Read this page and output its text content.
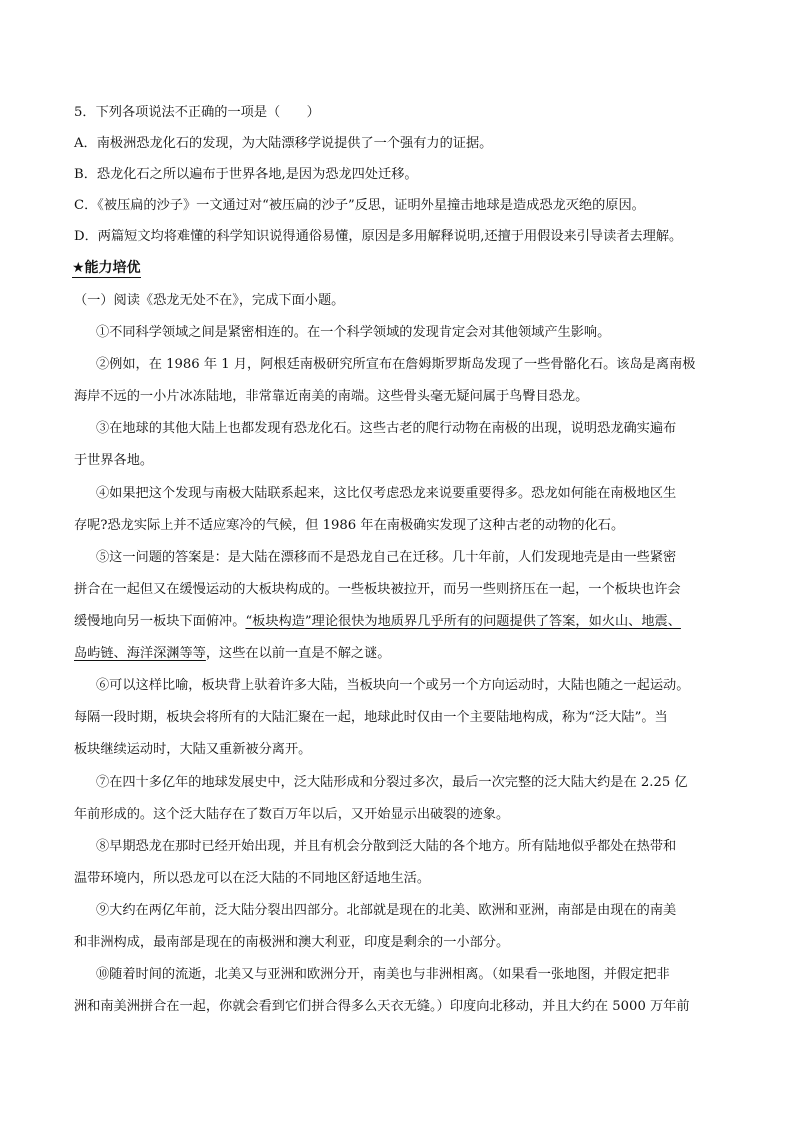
5．下列各项说法不正确的一项是（　　）
A．南极洲恐龙化石的发现，为大陆漂移学说提供了一个强有力的证据。
B．恐龙化石之所以遍布于世界各地,是因为恐龙四处迁移。
C．《被压扁的沙子》一文通过对“被压扁的沙子”反思，证明外星撞击地球是造成恐龙灭绝的原因。
D．两篇短文均将难懂的科学知识说得通俗易懂，原因是多用解释说明,还擅于用假设来引导读者去理解。
★能力培优
（一）阅读《恐龙无处不在》，完成下面小题。
①不同科学领域之间是紧密相连的。在一个科学领域的发现肯定会对其他领域产生影响。
②例如，在 1986 年 1 月，阿根廷南极研究所宣布在詹姆斯罗斯岛发现了一些骨骼化石。该岛是离南极
海岸不远的一小片冰冻陆地，非常靠近南美的南端。这些骨头毫无疑问属于鸟臀目恐龙。
③在地球的其他大陆上也都发现有恐龙化石。这些古老的爬行动物在南极的出现，说明恐龙确实遍布
于世界各地。
④如果把这个发现与南极大陆联系起来，这比仅考虑恐龙来说要重要得多。恐龙如何能在南极地区生
存呢?恐龙实际上并不适应寒冷的气候，但 1986 年在南极确实发现了这种古老的动物的化石。
⑤这一问题的答案是：是大陆在漂移而不是恐龙自己在迁移。几十年前，人们发现地壳是由一些紧密
拼合在一起但又在缓慢运动的大板块构成的。一些板块被拉开，而另一些则挤压在一起，一个板块也许会
缓慢地向另一板块下面俯冲。“板块构造”理论很快为地质界几乎所有的问题提供了答案，如火山、地震、
岛屿链、海洋深渊等等，这些在以前一直是不解之谜。
⑥可以这样比喻，板块背上驮着许多大陆，当板块向一个或另一个方向运动时，大陆也随之一起运动。
每隔一段时期，板块会将所有的大陆汇聚在一起，地球此时仅由一个主要陆地构成，称为“泛大陆”。当
板块继续运动时，大陆又重新被分离开。
⑦在四十多亿年的地球发展史中，泛大陆形成和分裂过多次，最后一次完整的泛大陆大约是在 2.25 亿
年前形成的。这个泛大陆存在了数百万年以后，又开始显示出破裂的迹象。
⑧早期恐龙在那时已经开始出现，并且有机会分散到泛大陆的各个地方。所有陆地似乎都处在热带和
温带环境内，所以恐龙可以在泛大陆的不同地区舒适地生活。
⑨大约在两亿年前，泛大陆分裂出四部分。北部就是现在的北美、欧洲和亚洲，南部是由现在的南美
和非洲构成，最南部是现在的南极洲和澳大利亚，印度是剩余的一小部分。
⑩随着时间的流逝，北美又与亚洲和欧洲分开，南美也与非洲相离。（如果看一张地图，并假定把非
洲和南美洲拼合在一起，你就会看到它们拼合得多么天衣无缝。）印度向北移动，并且大约在 5000 万年前
